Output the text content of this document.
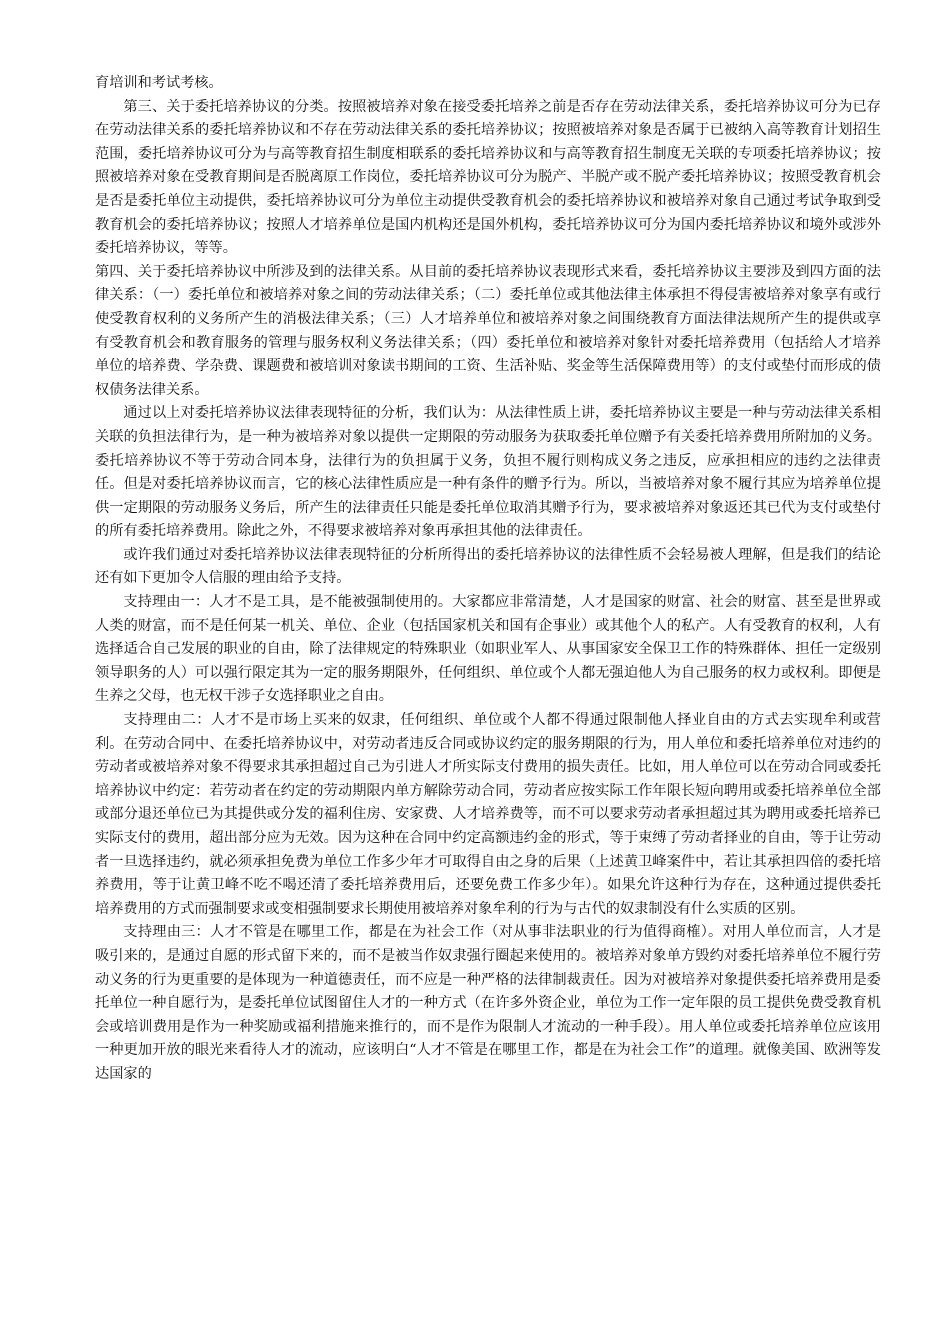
育培训和考试考核。

第三、关于委托培养协议的分类。按照被培养对象在接受委托培养之前是否存在劳动法律关系，委托培养协议可分为已存在劳动法律关系的委托培养协议和不存在劳动法律关系的委托培养协议；按照被培养对象是否属于已被纳入高等教育计划招生范围，委托培养协议可分为与高等教育招生制度相联系的委托培养协议和与高等教育招生制度无关联的专项委托培养协议；按照被培养对象在受教育期间是否脱离原工作岗位，委托培养协议可分为脱产、半脱产或不脱产委托培养协议；按照受教育机会是否是委托单位主动提供，委托培养协议可分为单位主动提供受教育机会的委托培养协议和被培养对象自己通过考试争取到受教育机会的委托培养协议；按照人才培养单位是国内机构还是国外机构，委托培养协议可分为国内委托培养协议和境外或涉外委托培养协议，等等。

第四、关于委托培养协议中所涉及到的法律关系。从目前的委托培养协议表现形式来看，委托培养协议主要涉及到四方面的法律关系：（一）委托单位和被培养对象之间的劳动法律关系；（二）委托单位或其他法律主体承担不得侵害被培养对象享有或行使受教育权利的义务所产生的消极法律关系；（三）人才培养单位和被培养对象之间围绕教育方面法律法规所产生的提供或享有受教育机会和教育服务的管理与服务权利义务法律关系；（四）委托单位和被培养对象针对委托培养费用（包括给人才培养单位的培养费、学杂费、课题费和被培训对象读书期间的工资、生活补贴、奖金等生活保障费用等）的支付或垫付而形成的债权债务法律关系。

通过以上对委托培养协议法律表现特征的分析，我们认为：从法律性质上讲，委托培养协议主要是一种与劳动法律关系相关联的负担法律行为，是一种为被培养对象以提供一定期限的劳动服务为获取委托单位赠予有关委托培养费用所附加的义务。委托培养协议不等于劳动合同本身，法律行为的负担属于义务，负担不履行则构成义务之违反，应承担相应的违约之法律责任。但是对委托培养协议而言，它的核心法律性质应是一种有条件的赠予行为。所以，当被培养对象不履行其应为培养单位提供一定期限的劳动服务义务后，所产生的法律责任只能是委托单位取消其赠予行为，要求被培养对象返还其已代为支付或垫付的所有委托培养费用。除此之外，不得要求被培养对象再承担其他的法律责任。

或许我们通过对委托培养协议法律表现特征的分析所得出的委托培养协议的法律性质不会轻易被人理解，但是我们的结论还有如下更加令人信服的理由给予支持。

支持理由一：人才不是工具，是不能被强制使用的。大家都应非常清楚，人才是国家的财富、社会的财富、甚至是世界或人类的财富，而不是任何某一机关、单位、企业（包括国家机关和国有企事业）或其他个人的私产。人有受教育的权利，人有选择适合自己发展的职业的自由，除了法律规定的特殊职业（如职业军人、从事国家安全保卫工作的特殊群体、担任一定级别领导职务的人）可以强行限定其为一定的服务期限外，任何组织、单位或个人都无强迫他人为自己服务的权力或权利。即便是生养之父母，也无权干涉子女选择职业之自由。

支持理由二：人才不是市场上买来的奴隶，任何组织、单位或个人都不得通过限制他人择业自由的方式去实现牟利或营利。在劳动合同中、在委托培养协议中，对劳动者违反合同或协议约定的服务期限的行为，用人单位和委托培养单位对违约的劳动者或被培养对象不得要求其承担超过自己为引进人才所实际支付费用的损失责任。比如，用人单位可以在劳动合同或委托培养协议中约定：若劳动者在约定的劳动期限内单方解除劳动合同，劳动者应按实际工作年限长短向聘用或委托培养单位全部或部分退还单位已为其提供或分发的福利住房、安家费、人才培养费等，而不可以要求劳动者承担超过其为聘用或委托培养已实际支付的费用，超出部分应为无效。因为这种在合同中约定高额违约金的形式，等于束缚了劳动者择业的自由，等于让劳动者一旦选择违约，就必须承担免费为单位工作多少年才可取得自由之身的后果（上述黄卫峰案件中，若让其承担四倍的委托培养费用，等于让黄卫峰不吃不喝还清了委托培养费用后，还要免费工作多少年）。如果允许这种行为存在，这种通过提供委托培养费用的方式而强制要求或变相强制要求长期使用被培养对象牟利的行为与古代的奴隶制没有什么实质的区别。

支持理由三：人才不管是在哪里工作，都是在为社会工作（对从事非法职业的行为值得商榷）。对用人单位而言，人才是吸引来的，是通过自愿的形式留下来的，而不是被当作奴隶强行圈起来使用的。被培养对象单方毁约对委托培养单位不履行劳动义务的行为更重要的是体现为一种道德责任，而不应是一种严格的法律制裁责任。因为对被培养对象提供委托培养费用是委托单位一种自愿行为，是委托单位试图留住人才的一种方式（在许多外资企业，单位为工作一定年限的员工提供免费受教育机会或培训费用是作为一种奖励或福利措施来推行的，而不是作为限制人才流动的一种手段）。用人单位或委托培养单位应该用一种更加开放的眼光来看待人才的流动，应该明白“人才不管是在哪里工作，都是在为社会工作”的道理。就像美国、欧洲等发达国家的
